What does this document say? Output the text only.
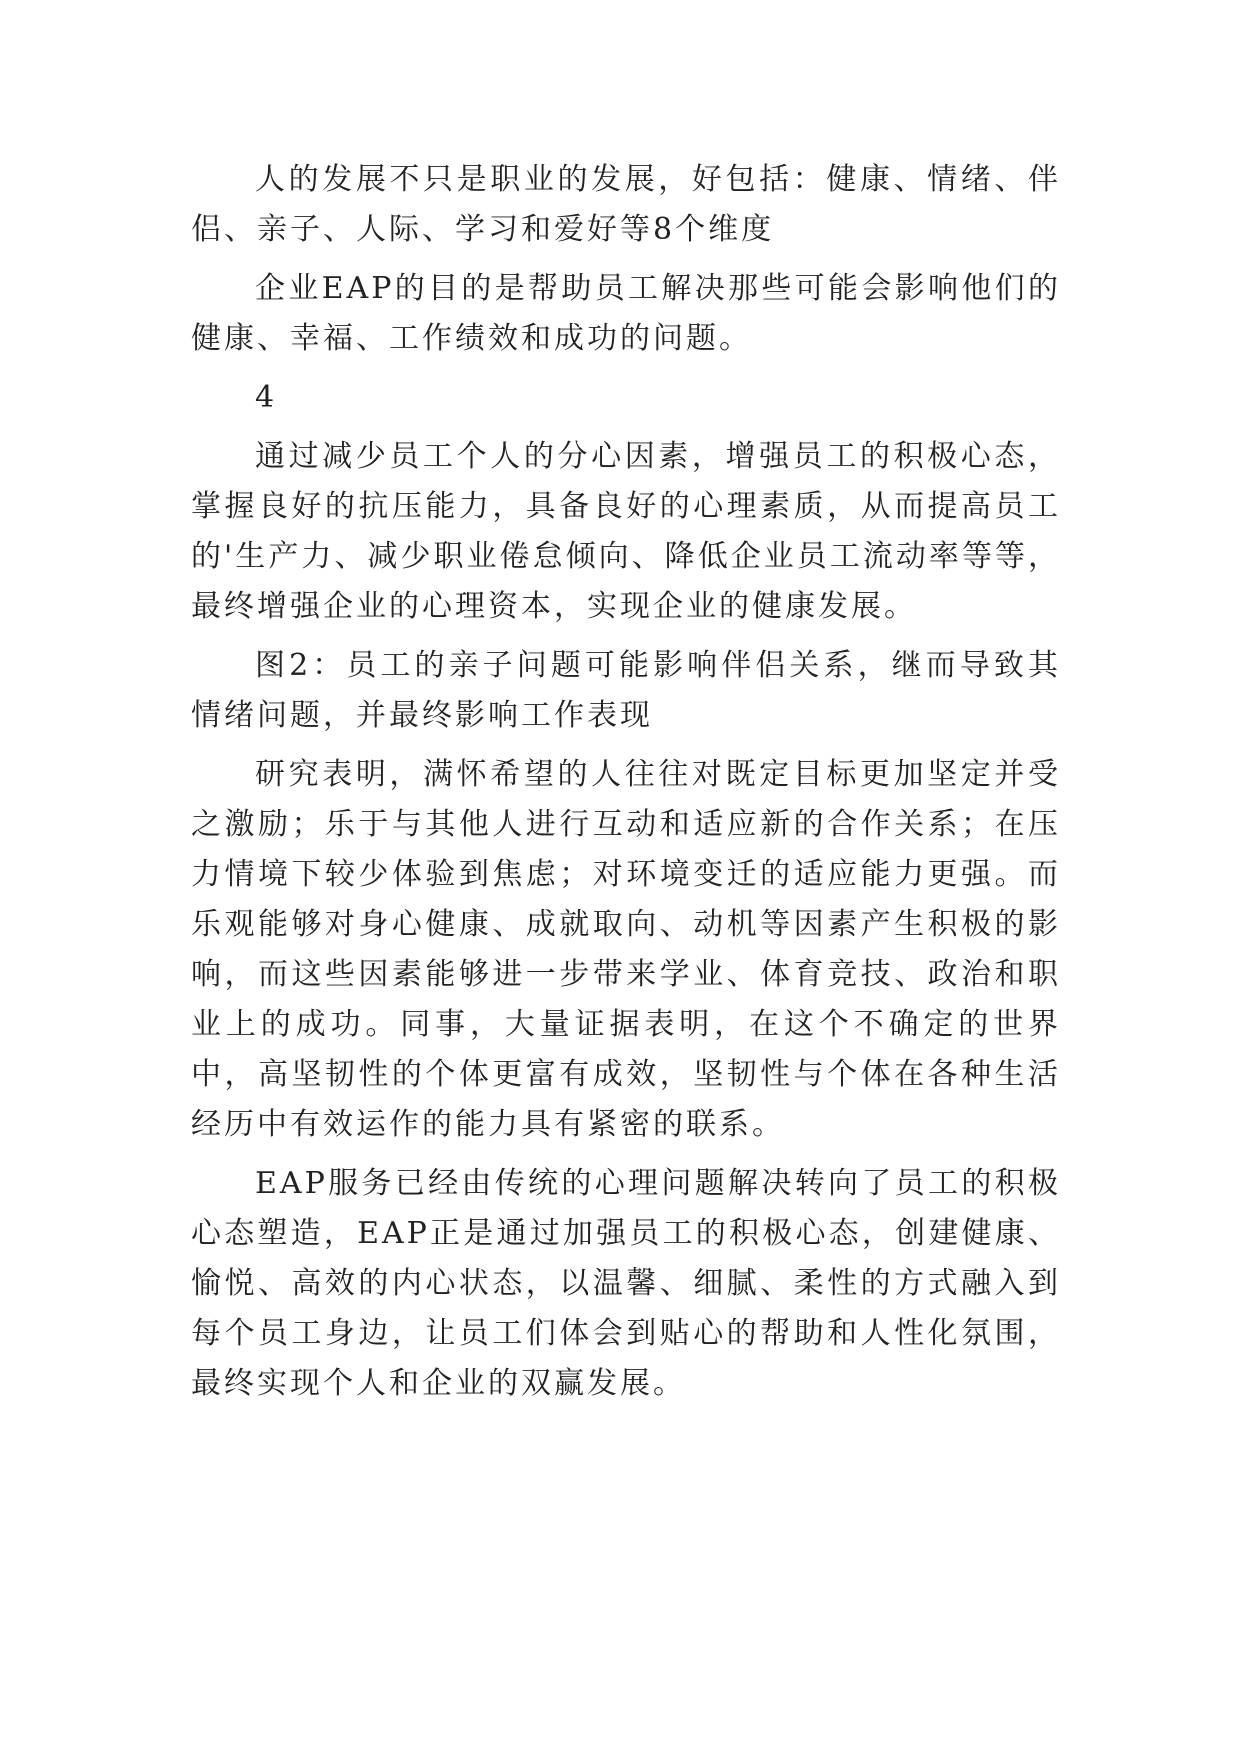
人的发展不只是职业的发展，好包括：健康、情绪、伴侣、亲子、人际、学习和爱好等8个维度

企业EAP的目的是帮助员工解决那些可能会影响他们的健康、幸福、工作绩效和成功的问题。

4

通过减少员工个人的分心因素，增强员工的积极心态，掌握良好的抗压能力，具备良好的心理素质，从而提高员工的'生产力、减少职业倦怠倾向、降低企业员工流动率等等，最终增强企业的心理资本，实现企业的健康发展。

图2：员工的亲子问题可能影响伴侣关系，继而导致其情绪问题，并最终影响工作表现

研究表明，满怀希望的人往往对既定目标更加坚定并受之激励；乐于与其他人进行互动和适应新的合作关系；在压力情境下较少体验到焦虑；对环境变迁的适应能力更强。而乐观能够对身心健康、成就取向、动机等因素产生积极的影响，而这些因素能够进一步带来学业、体育竞技、政治和职业上的成功。同事，大量证据表明，在这个不确定的世界中，高坚韧性的个体更富有成效，坚韧性与个体在各种生活经历中有效运作的能力具有紧密的联系。

EAP服务已经由传统的心理问题解决转向了员工的积极心态塑造，EAP正是通过加强员工的积极心态，创建健康、愉悦、高效的内心状态，以温馨、细腻、柔性的方式融入到每个员工身边，让员工们体会到贴心的帮助和人性化氛围，最终实现个人和企业的双赢发展。
